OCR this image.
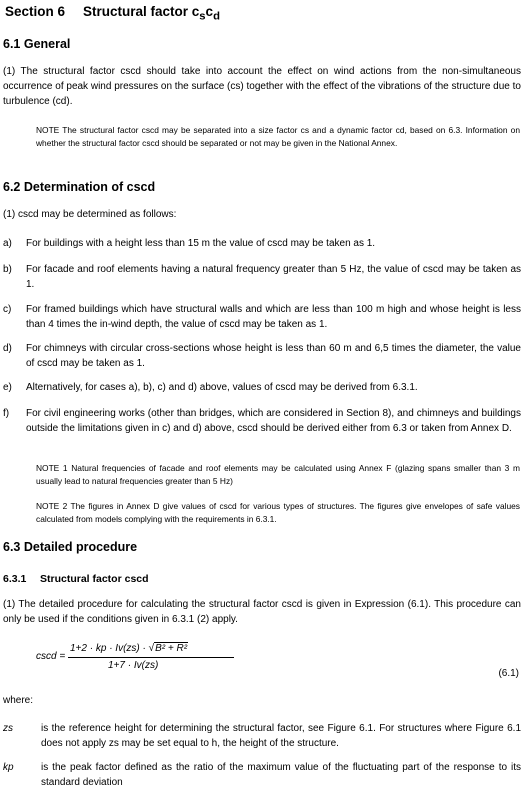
Section 6 Structural factor $c_sc_d$
6.1 General
(1) The structural factor cscd should take into account the effect on wind actions from the non-simultaneous occurrence of peak wind pressures on the surface (cs) together with the effect of the vibrations of the structure due to turbulence (cd).
NOTE The structural factor cscd may be separated into a size factor cs and a dynamic factor cd, based on 6.3. Information on whether the structural factor cscd should be separated or not may be given in the National Annex.
6.2 Determination of cscd
(1) cscd may be determined as follows:
a) For buildings with a height less than 15 m the value of cscd may be taken as 1.
b) For facade and roof elements having a natural frequency greater than 5 Hz, the value of cscd may be taken as 1.
c) For framed buildings which have structural walls and which are less than 100 m high and whose height is less than 4 times the in-wind depth, the value of cscd may be taken as 1.
d) For chimneys with circular cross-sections whose height is less than 60 m and 6,5 times the diameter, the value of cscd may be taken as 1.
e) Alternatively, for cases a), b), c) and d) above, values of cscd may be derived from 6.3.1.
f) For civil engineering works (other than bridges, which are considered in Section 8), and chimneys and buildings outside the limitations given in c) and d) above, cscd should be derived either from 6.3 or taken from Annex D.
NOTE 1 Natural frequencies of facade and roof elements may be calculated using Annex F (glazing spans smaller than 3 m usually lead to natural frequencies greater than 5 Hz)
NOTE 2 The figures in Annex D give values of cscd for various types of structures. The figures give envelopes of safe values calculated from models complying with the requirements in 6.3.1.
6.3 Detailed procedure
6.3.1 Structural factor cscd
(1) The detailed procedure for calculating the structural factor cscd is given in Expression (6.1). This procedure can only be used if the conditions given in 6.3.1 (2) apply.
cscd =
1+2 · kp · Iv(zs) · √B² + R²
1+7 · Iv(zs)
(6.1)
where:
zs	is the reference height for determining the structural factor, see Figure 6.1. For structures where Figure 6.1 does not apply zs may be set equal to h, the height of the structure.
kp	is the peak factor defined as the ratio of the maximum value of the fluctuating part of the response to its standard deviation
